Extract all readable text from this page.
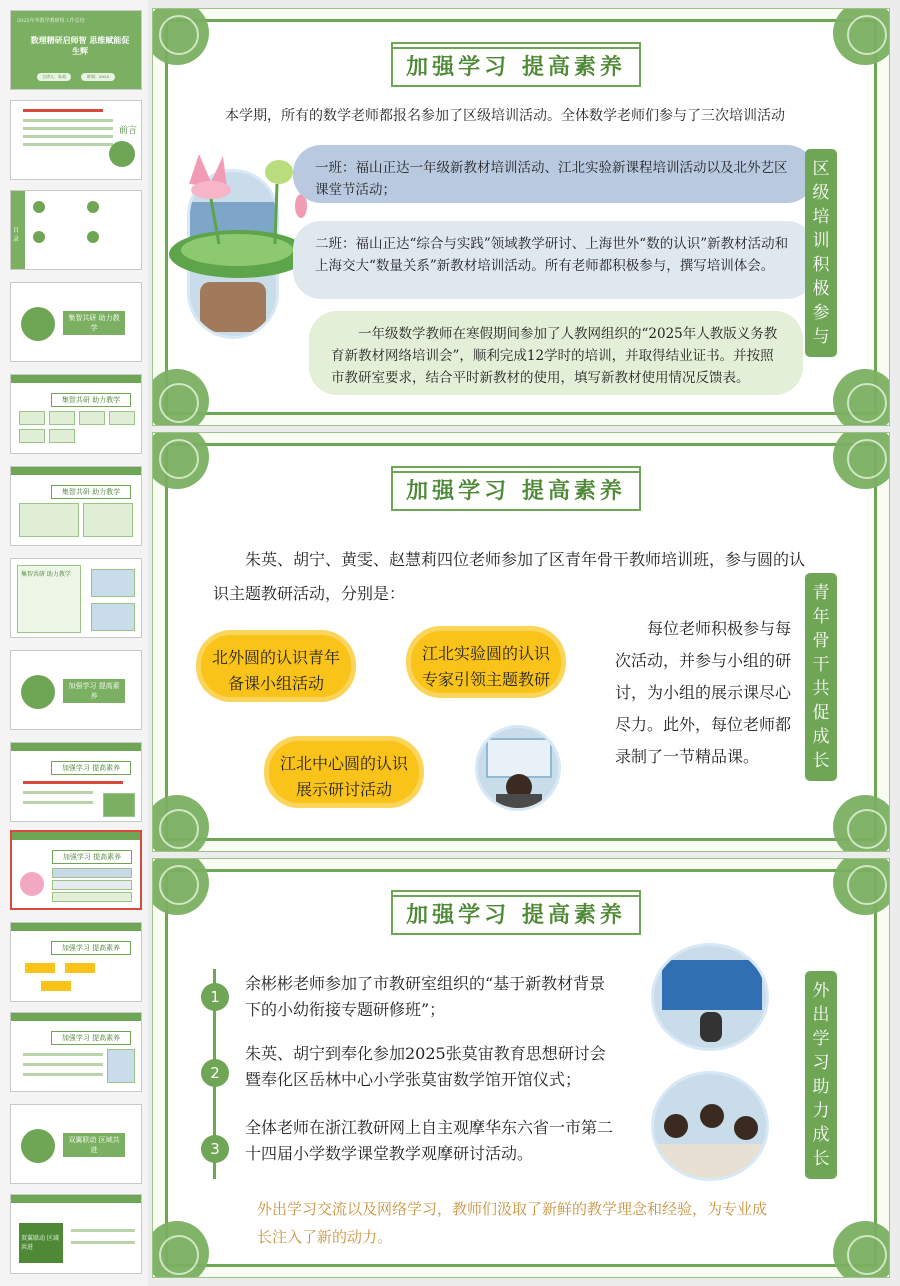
2025年奉数学教研组工作总结
数理精研启师智 思维赋能促生辉
主讲人：朱英	时间：2025
前言
目录
集智共研 助力教学
集智共研 助力教学
集智共研 助力教学
集智共研 助力教学
加强学习 提高素养
加强学习 提高素养
加强学习 提高素养
加强学习 提高素养
加强学习 提高素养
双翼联动 区域共进
双翼联动 区域共进
加强学习 提高素养
本学期，所有的数学老师都报名参加了区级培训活动。全体数学老师们参与了三次培训活动
一班：福山正达一年级新教材培训活动、江北实验新课程培训活动以及北外艺区课堂节活动；
二班：福山正达“综合与实践”领域教学研讨、上海世外“数的认识”新教材活动和上海交大“数量关系”新教材培训活动。所有老师都积极参与，撰写培训体会。
一年级数学教师在寒假期间参加了人教网组织的“2025年人教版义务教育新教材网络培训会”，顺利完成12学时的培训，并取得结业证书。并按照市教研室要求，结合平时新教材的使用，填写新教材使用情况反馈表。
区
级
培
训
积
极
参
与
加强学习 提高素养
朱英、胡宁、黄雯、赵慧莉四位老师参加了区青年骨干教师培训班，参与圆的认识主题教研活动，分别是：
北外圆的认识青年备课小组活动
江北实验圆的认识专家引领主题教研
江北中心圆的认识展示研讨活动
每位老师积极参与每次活动，并参与小组的研讨，为小组的展示课尽心尽力。此外，每位老师都录制了一节精品课。
青
年
骨
干
共
促
成
长
加强学习 提高素养
1
2
3
余彬彬老师参加了市教研室组织的“基于新教材背景下的小幼衔接专题研修班”；
朱英、胡宁到奉化参加2025张莫宙教育思想研讨会暨奉化区岳林中心小学张莫宙数学馆开馆仪式；
全体老师在浙江教研网上自主观摩华东六省一市第二十四届小学数学课堂教学观摩研讨活动。
外出学习交流以及网络学习，教师们汲取了新鲜的教学理念和经验，为专业成长注入了新的动力。
外
出
学
习
助
力
成
长
